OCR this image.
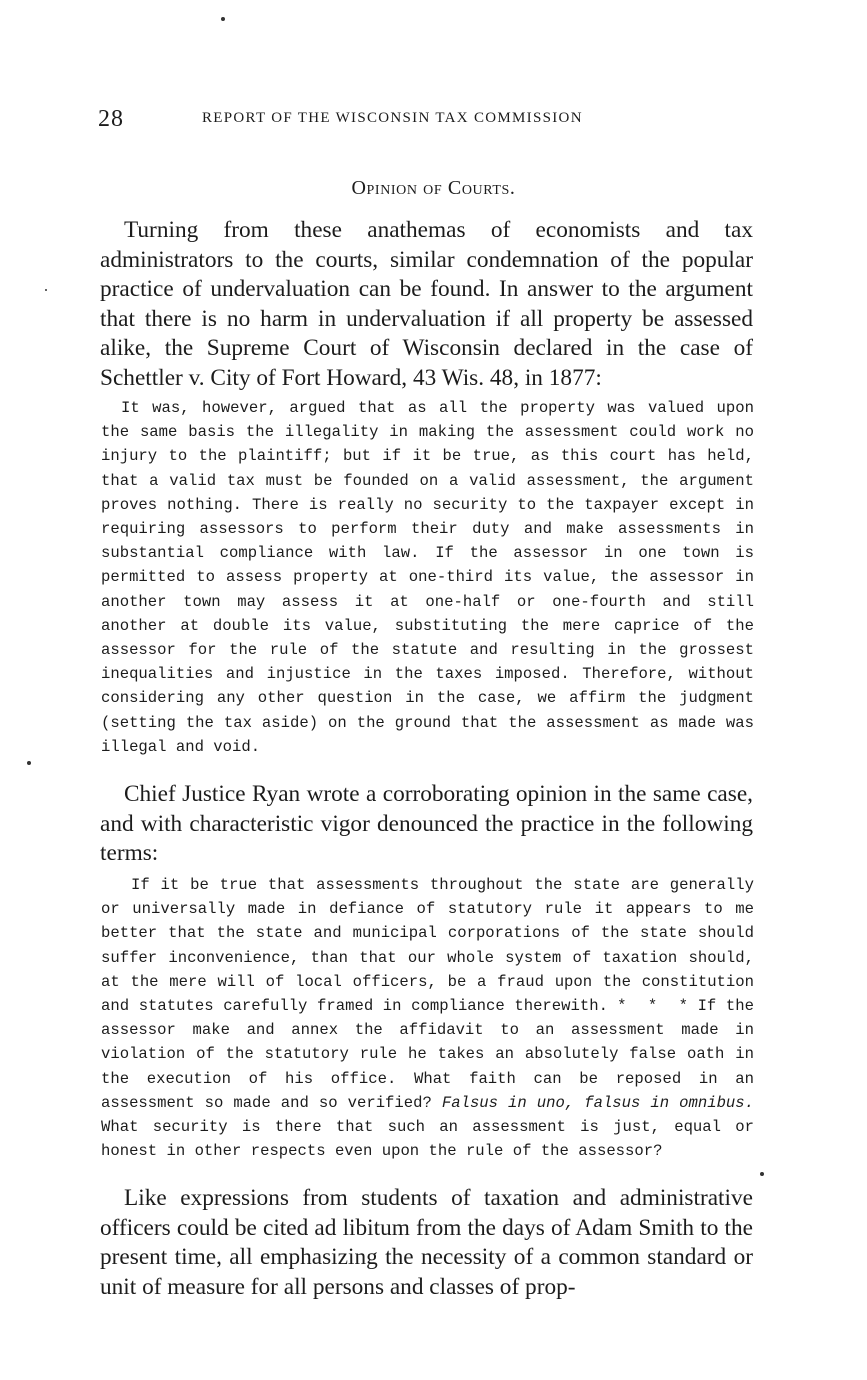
28	REPORT OF THE WISCONSIN TAX COMMISSION
Opinion of Courts.

Turning from these anathemas of economists and tax administrators to the courts, similar condemnation of the popular practice of undervaluation can be found. In answer to the argument that there is no harm in undervaluation if all property be assessed alike, the Supreme Court of Wisconsin declared in the case of Schettler v. City of Fort Howard, 43 Wis. 48, in 1877:

It was, however, argued that as all the property was valued upon the same basis the illegality in making the assessment could work no injury to the plaintiff; but if it be true, as this court has held, that a valid tax must be founded on a valid assessment, the argument proves nothing. There is really no security to the taxpayer except in requiring assessors to perform their duty and make assessments in substantial compliance with law. If the assessor in one town is permitted to assess property at one-third its value, the assessor in another town may assess it at one-half or one-fourth and still another at double its value, substituting the mere caprice of the assessor for the rule of the statute and resulting in the grossest inequalities and injustice in the taxes imposed. Therefore, without considering any other question in the case, we affirm the judgment (setting the tax aside) on the ground that the assessment as made was illegal and void.

Chief Justice Ryan wrote a corroborating opinion in the same case, and with characteristic vigor denounced the practice in the following terms:

If it be true that assessments throughout the state are generally or universally made in defiance of statutory rule it appears to me better that the state and municipal corporations of the state should suffer inconvenience, than that our whole system of taxation should, at the mere will of local officers, be a fraud upon the constitution and statutes carefully framed in compliance therewith. * * * If the assessor make and annex the affidavit to an assessment made in violation of the statutory rule he takes an absolutely false oath in the execution of his office. What faith can be reposed in an assessment so made and so verified? Falsus in uno, falsus in omnibus. What security is there that such an assessment is just, equal or honest in other respects even upon the rule of the assessor?

Like expressions from students of taxation and administrative officers could be cited ad libitum from the days of Adam Smith to the present time, all emphasizing the necessity of a common standard or unit of measure for all persons and classes of prop-
